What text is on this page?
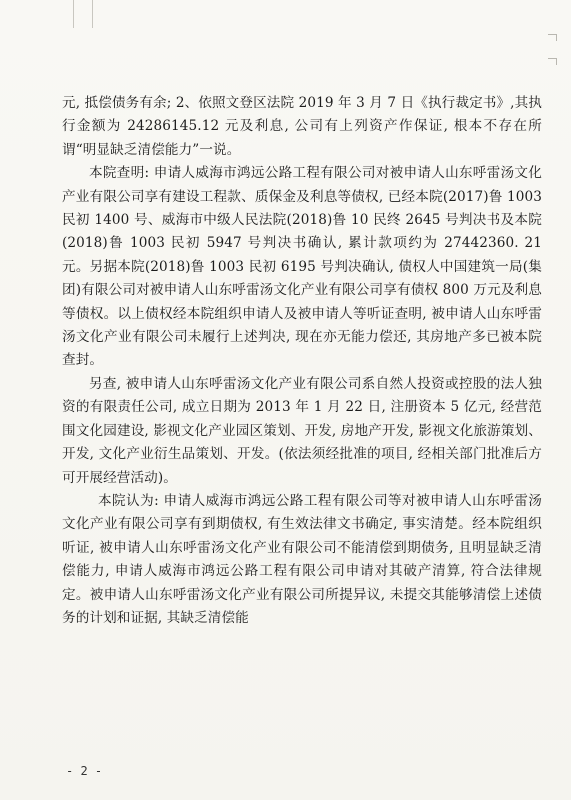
元, 抵偿债务有余; 2、依照文登区法院 2019 年 3 月 7 日《执行裁定书》,其执行金额为 24286145.12 元及利息, 公司有上列资产作保证, 根本不存在所谓“明显缺乏清偿能力”一说。

本院查明: 申请人威海市鸿远公路工程有限公司对被申请人山东呼雷汤文化产业有限公司享有建设工程款、质保金及利息等债权, 已经本院(2017)鲁 1003 民初 1400 号、威海市中级人民法院(2018)鲁 10 民终 2645 号判决书及本院(2018)鲁 1003 民初 5947 号判决书确认, 累计款项约为 27442360. 21 元。另据本院(2018)鲁 1003 民初 6195 号判决确认, 债权人中国建筑一局(集团)有限公司对被申请人山东呼雷汤文化产业有限公司享有债权 800 万元及利息等债权。以上债权经本院组织申请人及被申请人等听证查明, 被申请人山东呼雷汤文化产业有限公司未履行上述判决, 现在亦无能力偿还, 其房地产多已被本院查封。

另查, 被申请人山东呼雷汤文化产业有限公司系自然人投资或控股的法人独资的有限责任公司, 成立日期为 2013 年 1 月 22 日, 注册资本 5 亿元, 经营范围文化园建设, 影视文化产业园区策划、开发, 房地产开发, 影视文化旅游策划、开发, 文化产业衍生品策划、开发。(依法须经批准的项目, 经相关部门批准后方可开展经营活动)。

本院认为: 申请人威海市鸿远公路工程有限公司等对被申请人山东呼雷汤文化产业有限公司享有到期债权, 有生效法律文书确定, 事实清楚。经本院组织听证, 被申请人山东呼雷汤文化产业有限公司不能清偿到期债务, 且明显缺乏清偿能力, 申请人威海市鸿远公路工程有限公司申请对其破产清算, 符合法律规定。被申请人山东呼雷汤文化产业有限公司所提异议, 未提交其能够清偿上述债务的计划和证据, 其缺乏清偿能

- 2 -
